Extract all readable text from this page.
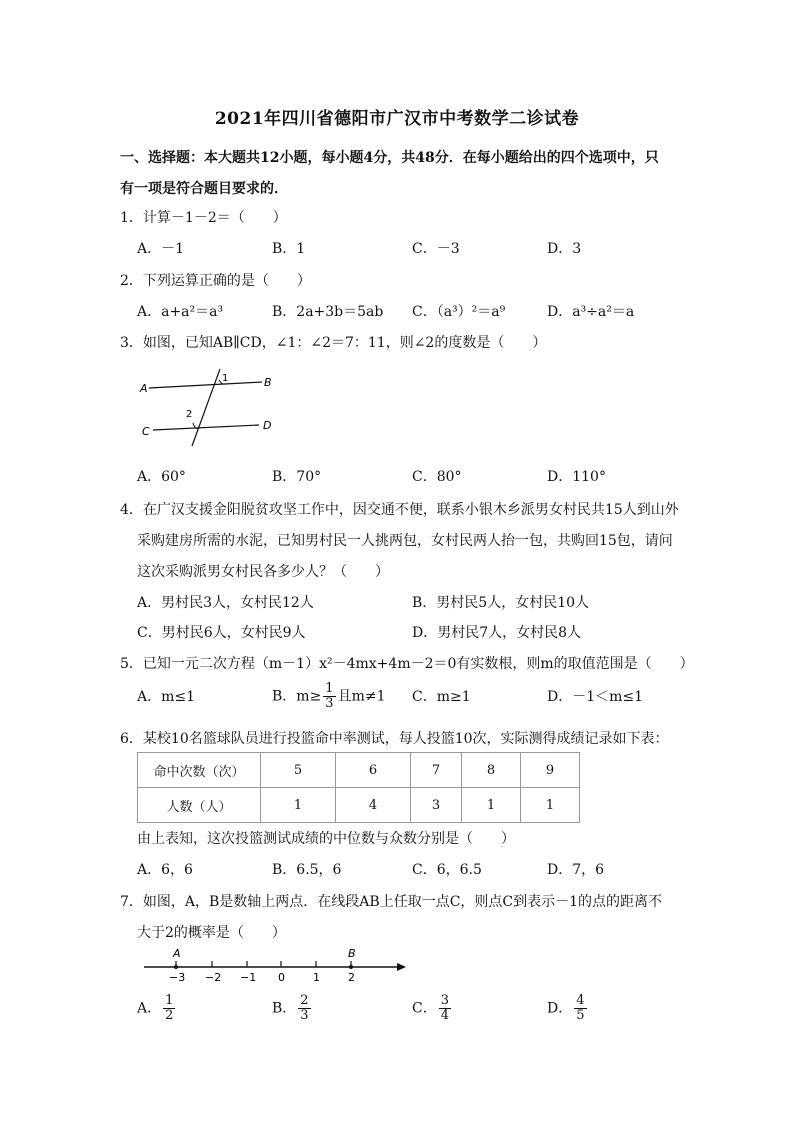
2021年四川省德阳市广汉市中考数学二诊试卷
一、选择题：本大题共12小题，每小题4分，共48分．在每小题给出的四个选项中，只
有一项是符合题目要求的．
1．计算－1－2＝（　　）
A．－1	B．1	C．－3	D．3
2．下列运算正确的是（　　）
A．a+a²＝a³	B．2a+3b＝5ab C．（a³）²＝a⁹	D．a³÷a²＝a
3．如图，已知AB∥CD，∠1：∠2＝7：11，则∠2的度数是（　　）
A	B
C	D
1
2
A．60°	B．70°	C．80°	D．110°
4．在广汉支援金阳脱贫攻坚工作中，因交通不便，联系小银木乡派男女村民共15人到山外
采购建房所需的水泥，已知男村民一人挑两包，女村民两人抬一包，共购回15包，请问
这次采购派男女村民各多少人？（　　）
A．男村民3人，女村民12人	B．男村民5人，女村民10人
C．男村民6人，女村民9人	D．男村民7人，女村民8人
5．已知一元二次方程（m－1）x²－4mx+4m－2＝0有实数根，则m的取值范围是（　　）
A．m≤1	B．$m\ge \frac{1}{3}$ 且m≠1 C．m≥1	D．－1＜m≤1
6．某校10名篮球队员进行投篮命中率测试，每人投篮10次，实际测得成绩记录如下表：
命中次数（次）	5	6	7	8	9
人数（人）	1	4	3	1	1
由上表知，这次投篮测试成绩的中位数与众数分别是（　　）
A．6，6	B．6.5，6	C．6，6.5	D．7，6
7．如图，A，B是数轴上两点．在线段AB上任取一点C，则点C到表示－1的点的距离不
大于2的概率是（　　）
A	B
−3 −2 −1 0	1	2
A． $\frac{1}{2}$	B． $\frac{2}{3}$	C． $\frac{3}{4}$	D． $\frac{4}{5}$
